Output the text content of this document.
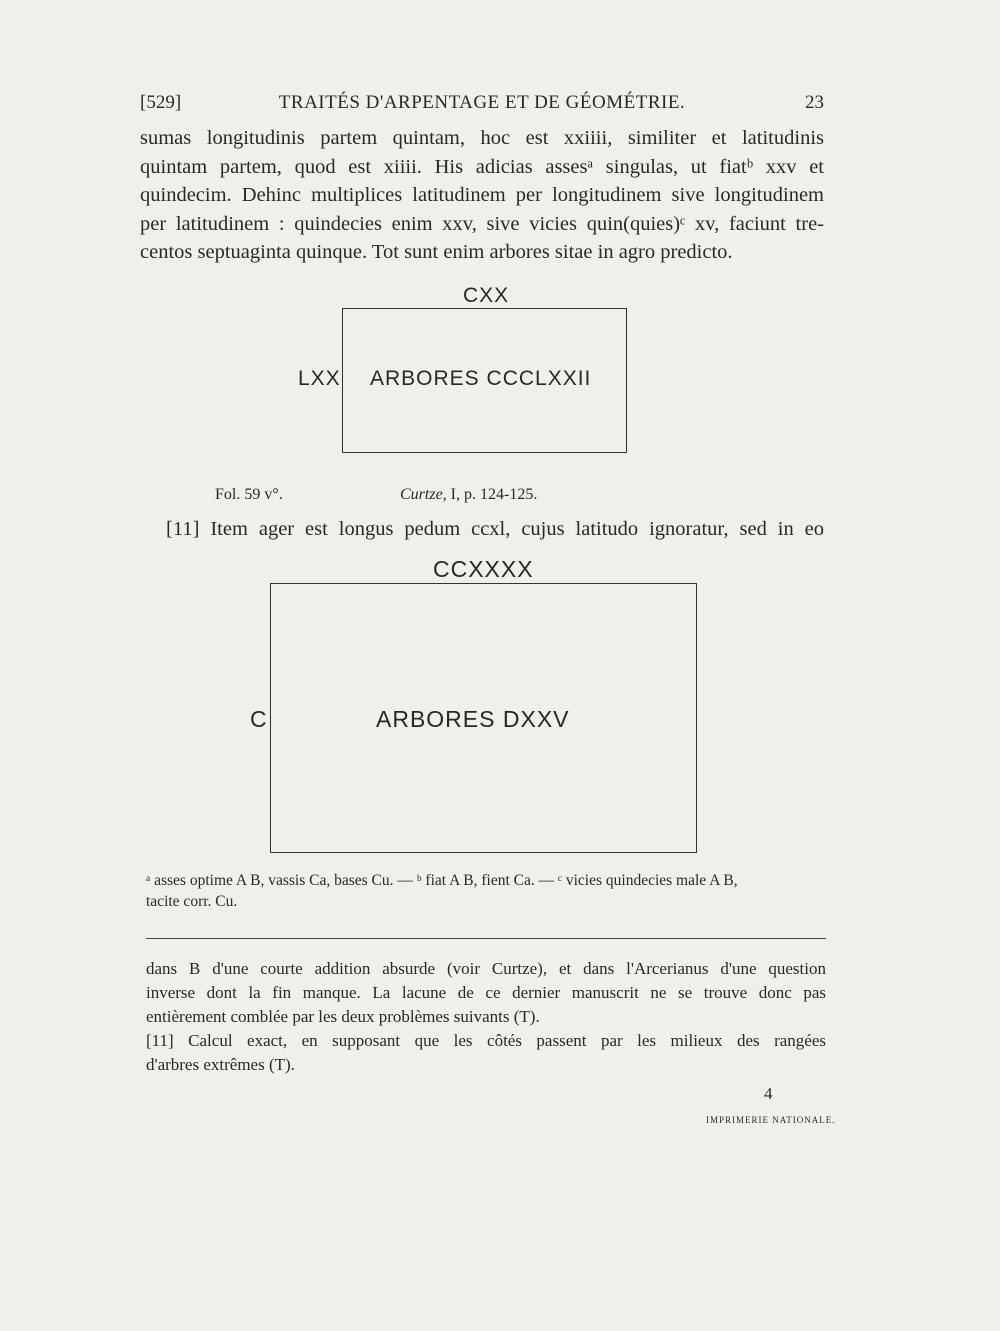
[529]	TRAITÉS D'ARPENTAGE ET DE GÉOMÉTRIE.	23
sumas longitudinis partem quintam, hoc est xxiiii, similiter et latitudinis
quintam partem, quod est xiiii. His adicias assesᵃ singulas, ut fiatᵇ xxv et
quindecim. Dehinc multiplices latitudinem per longitudinem sive longitudinem
per latitudinem : quindecies enim xxv, sive vicies quin(quies)ᶜ xv, faciunt tre-
centos septuaginta quinque. Tot sunt enim arbores sitae in agro predicto.
CXX
LXX ARBORES CCCLXXII
Fol. 59 v°.	Curtze, I, p. 124-125.
[11] Item ager est longus pedum ccxl, cujus latitudo ignoratur, sed in eo
CCXXXX
C	ARBORES DXXV
ᵃ asses optime A B, vassis Ca, bases Cu. — ᵇ fiat A B, fient Ca. — ᶜ vicies quindecies male A B,
tacite corr. Cu.
dans B d'une courte addition absurde (voir Curtze), et dans l'Arcerianus d'une question
inverse dont la fin manque. La lacune de ce dernier manuscrit ne se trouve donc pas
entièrement comblée par les deux problèmes suivants (T).
[11] Calcul exact, en supposant que les côtés passent par les milieux des rangées
d'arbres extrêmes (T).
4
IMPRIMERIE NATIONALE.
